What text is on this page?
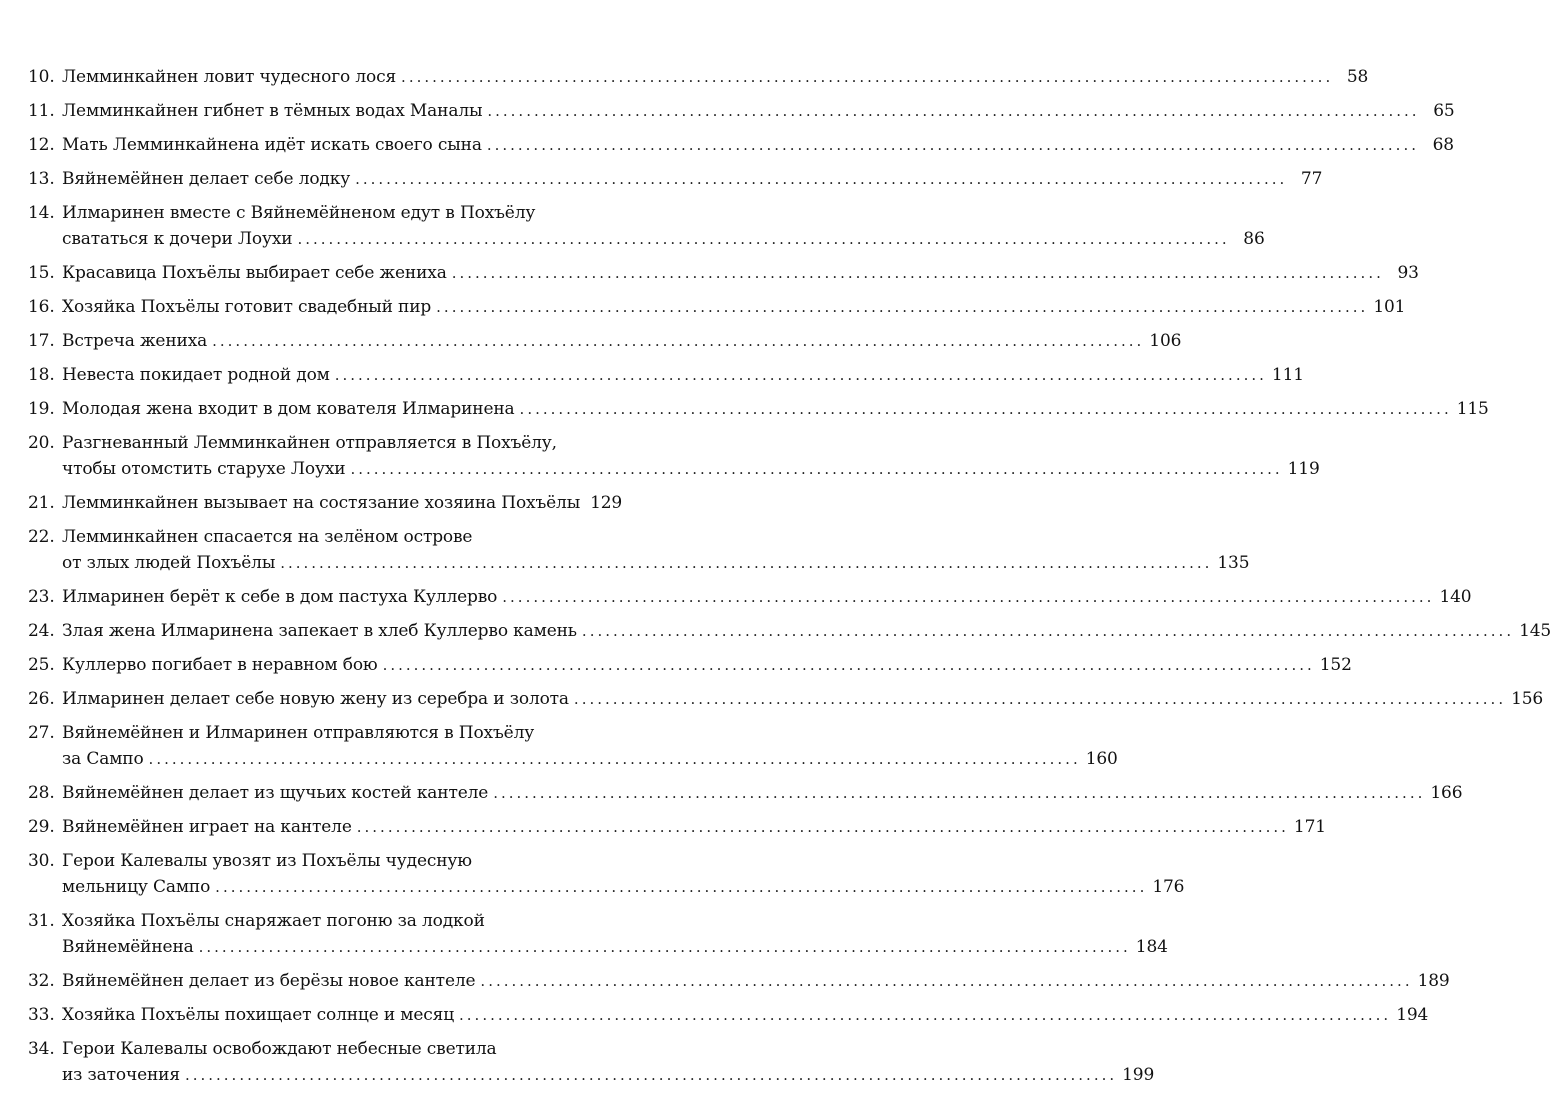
10. Лемминкайнен ловит чудесного лося ........................................................................................................................ 58
11. Лемминкайнен гибнет в тёмных водах Маналы ........................................................................................................................ 65
12. Мать Лемминкайнена идёт искать своего сына ........................................................................................................................ 68
13. Вяйнемёйнен делает себе лодку ........................................................................................................................ 77
14. Илмаринен вместе с Вяйнемёйненом едут в Похъёлу
свататься к дочери Лоухи ........................................................................................................................ 86
15. Красавица Похъёлы выбирает себе жениха ........................................................................................................................ 93
16. Хозяйка Похъёлы готовит свадебный пир ........................................................................................................................ 101
17. Встреча жениха ........................................................................................................................ 106
18. Невеста покидает родной дом ........................................................................................................................ 111
19. Молодая жена входит в дом кователя Илмаринена ........................................................................................................................ 115
20. Разгневанный Лемминкайнен отправляется в Похъёлу,
чтобы отомстить старухе Лоухи ........................................................................................................................ 119
21. Лемминкайнен вызывает на состязание хозяина Похъёлы 129
22. Лемминкайнен спасается на зелёном острове
от злых людей Похъёлы ........................................................................................................................ 135
23. Илмаринен берёт к себе в дом пастуха Куллерво ........................................................................................................................ 140
24. Злая жена Илмаринена запекает в хлеб Куллерво камень ........................................................................................................................ 145
25. Куллерво погибает в неравном бою ........................................................................................................................ 152
26. Илмаринен делает себе новую жену из серебра и золота ........................................................................................................................ 156
27. Вяйнемёйнен и Илмаринен отправляются в Похъёлу
за Сампо ........................................................................................................................ 160
28. Вяйнемёйнен делает из щучьих костей кантеле ........................................................................................................................ 166
29. Вяйнемёйнен играет на кантеле ........................................................................................................................ 171
30. Герои Калевалы увозят из Похъёлы чудесную
мельницу Сампо ........................................................................................................................ 176
31. Хозяйка Похъёлы снаряжает погоню за лодкой
Вяйнемёйнена ........................................................................................................................ 184
32. Вяйнемёйнен делает из берёзы новое кантеле ........................................................................................................................ 189
33. Хозяйка Похъёлы похищает солнце и месяц ........................................................................................................................ 194
34. Герои Калевалы освобождают небесные светила
из заточения ........................................................................................................................ 199
